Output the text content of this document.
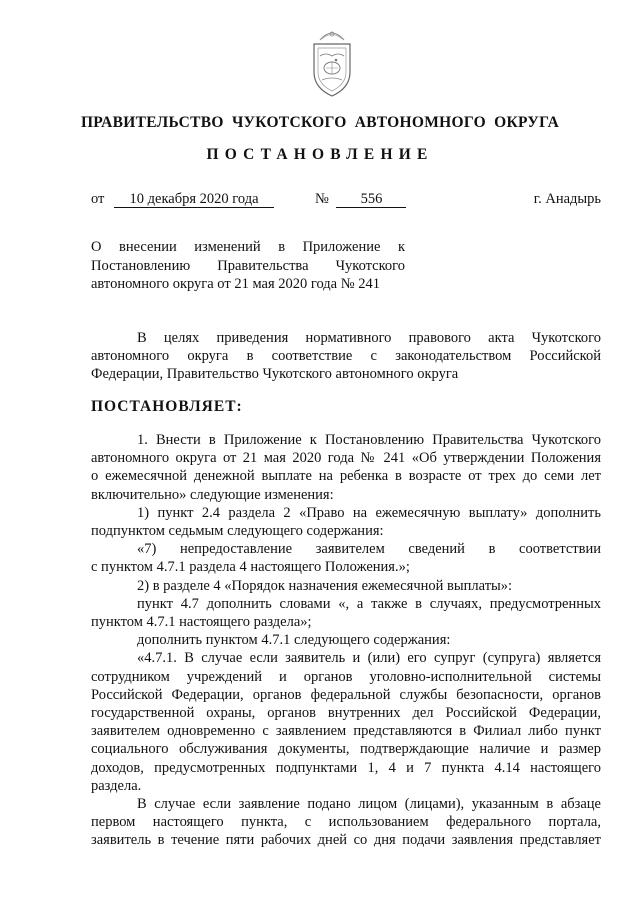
ПРАВИТЕЛЬСТВО ЧУКОТСКОГО АВТОНОМНОГО ОКРУГА
ПОСТАНОВЛЕНИЕ
от 10 декабря 2020 года	№ 556	г. Анадырь
О внесении изменений в Приложение к
Постановлению Правительства Чукотского
автономного округа от 21 мая 2020 года № 241
В целях приведения нормативного правового акта Чукотского
автономного округа в соответствие с законодательством Российской
Федерации, Правительство Чукотского автономного округа
ПОСТАНОВЛЯЕТ:
1. Внести в Приложение к Постановлению Правительства Чукотского
автономного округа от 21 мая 2020 года № 241 «Об утверждении Положения
о ежемесячной денежной выплате на ребенка в возрасте от трех до семи лет
включительно» следующие изменения:
1) пункт 2.4 раздела 2 «Право на ежемесячную выплату» дополнить
подпунктом седьмым следующего содержания:
«7) непредоставление заявителем сведений в соответствии
с пунктом 4.7.1 раздела 4 настоящего Положения.»;
2) в разделе 4 «Порядок назначения ежемесячной выплаты»:
пункт 4.7 дополнить словами «, а также в случаях, предусмотренных
пунктом 4.7.1 настоящего раздела»;
дополнить пунктом 4.7.1 следующего содержания:
«4.7.1. В случае если заявитель и (или) его супруг (супруга) является
сотрудником учреждений и органов уголовно-исполнительной системы
Российской Федерации, органов федеральной службы безопасности, органов
государственной охраны, органов внутренних дел Российской Федерации,
заявителем одновременно с заявлением представляются в Филиал либо пункт
социального обслуживания документы, подтверждающие наличие и размер
доходов, предусмотренных подпунктами 1, 4 и 7 пункта 4.14 настоящего
раздела.
В случае если заявление подано лицом (лицами), указанным в абзаце
первом настоящего пункта, с использованием федерального портала,
заявитель в течение пяти рабочих дней со дня подачи заявления представляет
